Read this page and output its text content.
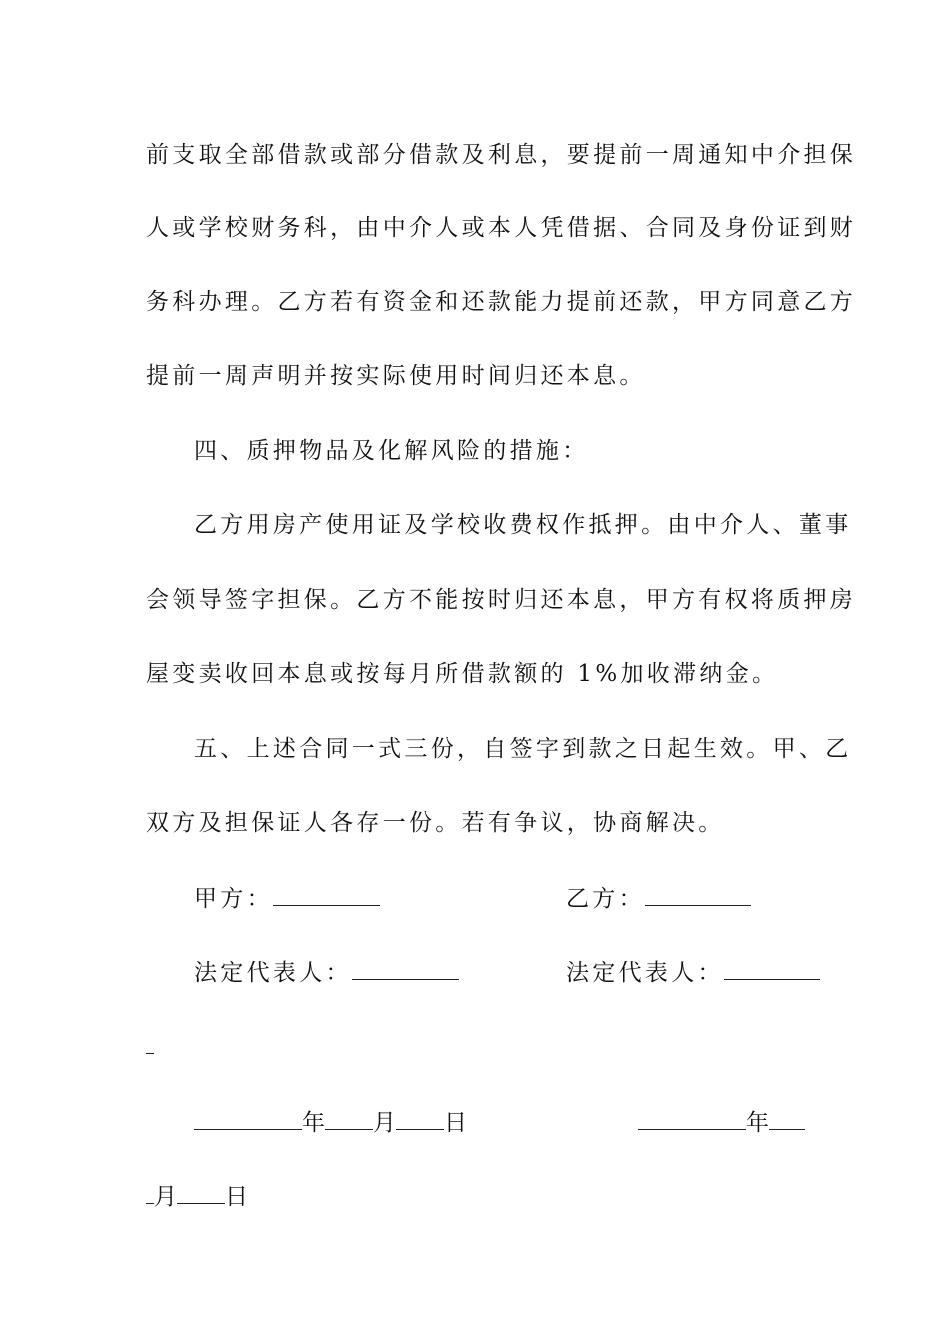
前支取全部借款或部分借款及利息，要提前一周通知中介担保
人或学校财务科，由中介人或本人凭借据、合同及身份证到财
务科办理。乙方若有资金和还款能力提前还款，甲方同意乙方
提前一周声明并按实际使用时间归还本息。
四、质押物品及化解风险的措施：
乙方用房产使用证及学校收费权作抵押。由中介人、董事
会领导签字担保。乙方不能按时归还本息，甲方有权将质押房
屋变卖收回本息或按每月所借款额的 1%加收滞纳金。
五、上述合同一式三份，自签字到款之日起生效。甲、乙
双方及担保证人各存一份。若有争议，协商解决。
甲方：	乙方：
法定代表人：	法定代表人：
年 月 日	年
月 日
